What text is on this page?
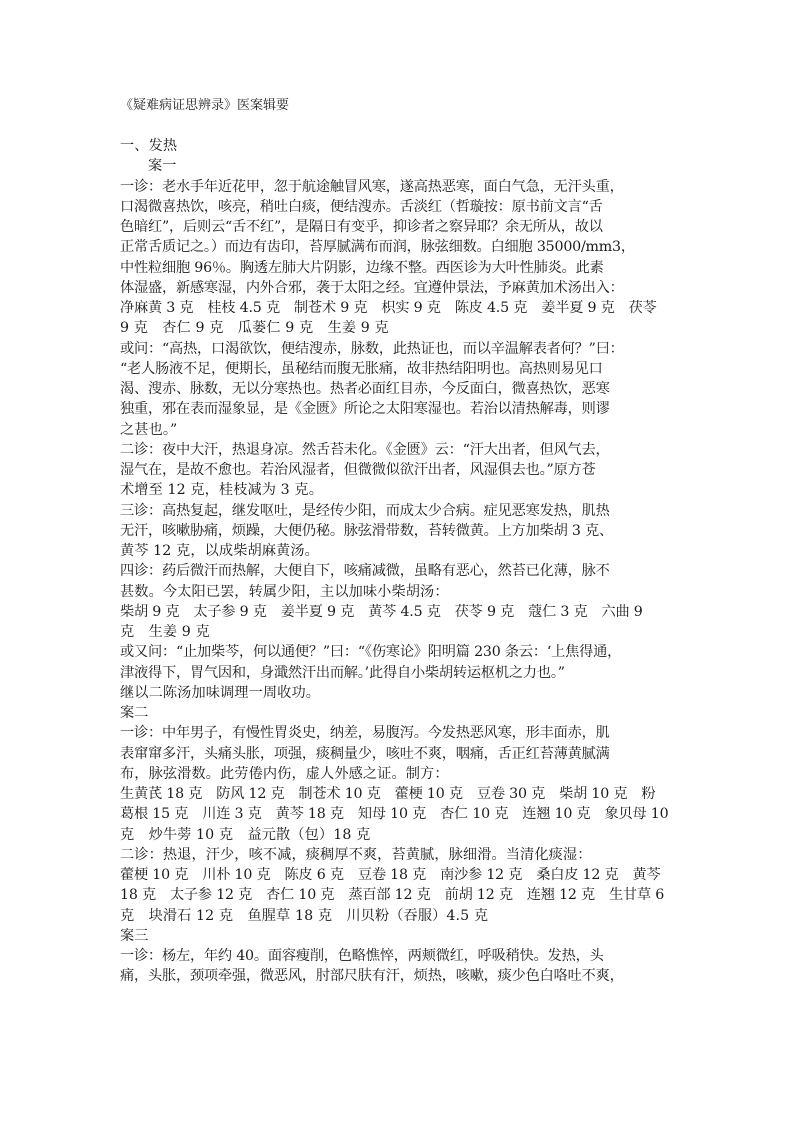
《疑难病证思辨录》医案辑要

一、发热

案一

一诊：老水手年近花甲，忽于航途触冒风寒，遂高热恶寒，面白气急，无汗头重，

口渴微喜热饮，咳亮，稍吐白痰，便结溲赤。舌淡红（哲璇按：原书前文言“舌

色暗红”，后则云“舌不红”，是隔日有变乎，抑诊者之察异耶？余无所从，故以

正常舌质记之。）而边有齿印，苔厚腻满布而润，脉弦细数。白细胞 35000/mm3，

中性粒细胞 96％。胸透左肺大片阴影，边缘不整。西医诊为大叶性肺炎。此素

体湿盛，新感寒湿，内外合邪，袭于太阳之经。宜遵仲景法，予麻黄加术汤出入：

净麻黄 3 克　桂枝 4.5 克　制苍术 9 克　枳实 9 克　陈皮 4.5 克　姜半夏 9 克　茯苓

9 克　杏仁 9 克　瓜蒌仁 9 克　生姜 9 克

或问：“高热，口渴欲饮，便结溲赤，脉数，此热证也，而以辛温解表者何？”曰：

“老人肠液不足，便期长，虽秘结而腹无胀痛，故非热结阳明也。高热则易见口

渴、溲赤、脉数，无以分寒热也。热者必面红目赤，今反面白，微喜热饮，恶寒

独重，邪在表而湿象显，是《金匮》所论之太阳寒湿也。若治以清热解毒，则谬

之甚也。”

二诊：夜中大汗，热退身凉。然舌苔未化。《金匮》云：“汗大出者，但风气去，

湿气在，是故不愈也。若治风湿者，但微微似欲汗出者，风湿俱去也。”原方苍

术增至 12 克，桂枝减为 3 克。

三诊：高热复起，继发呕吐，是经传少阳，而成太少合病。症见恶寒发热，肌热

无汗，咳嗽胁痛，烦躁，大便仍秘。脉弦滑带数，苔转微黄。上方加柴胡 3 克、

黄芩 12 克，以成柴胡麻黄汤。

四诊：药后微汗而热解，大便自下，咳痛减微，虽略有恶心，然苔已化薄，脉不

甚数。今太阳已罢，转属少阳，主以加味小柴胡汤：

柴胡 9 克　太子参 9 克　姜半夏 9 克　黄芩 4.5 克　茯苓 9 克　蔻仁 3 克　六曲 9

克　生姜 9 克

或又问：“止加柴芩，何以通便？”曰：“《伤寒论》阳明篇 230 条云：‘上焦得通，

津液得下，胃气因和，身濈然汗出而解。’此得自小柴胡转运枢机之力也。”

继以二陈汤加味调理一周收功。

案二

一诊：中年男子，有慢性胃炎史，纳差，易腹泻。今发热恶风寒，形丰面赤，肌

表窜窜多汗，头痛头胀，项强，痰稠量少，咳吐不爽，咽痛，舌正红苔薄黄腻满

布，脉弦滑数。此劳倦内伤，虚人外感之证。制方：

生黄芪 18 克　防风 12 克　制苍术 10 克　藿梗 10 克　豆卷 30 克　柴胡 10 克　粉

葛根 15 克　川连 3 克　黄芩 18 克　知母 10 克　杏仁 10 克　连翘 10 克　象贝母 10

克　炒牛蒡 10 克　益元散（包）18 克

二诊：热退，汗少，咳不减，痰稠厚不爽，苔黄腻，脉细滑。当清化痰湿：

藿梗 10 克　川朴 10 克　陈皮 6 克　豆卷 18 克　南沙参 12 克　桑白皮 12 克　黄芩

18 克　太子参 12 克　杏仁 10 克　蒸百部 12 克　前胡 12 克　连翘 12 克　生甘草 6

克　块滑石 12 克　鱼腥草 18 克　川贝粉（吞服）4.5 克

案三

一诊：杨左，年约 40。面容瘦削，色略憔悴，两颊微红，呼吸稍快。发热，头

痛，头胀，颈项牵强，微恶风，肘部尺肤有汗，烦热，咳嗽，痰少色白咯吐不爽，
